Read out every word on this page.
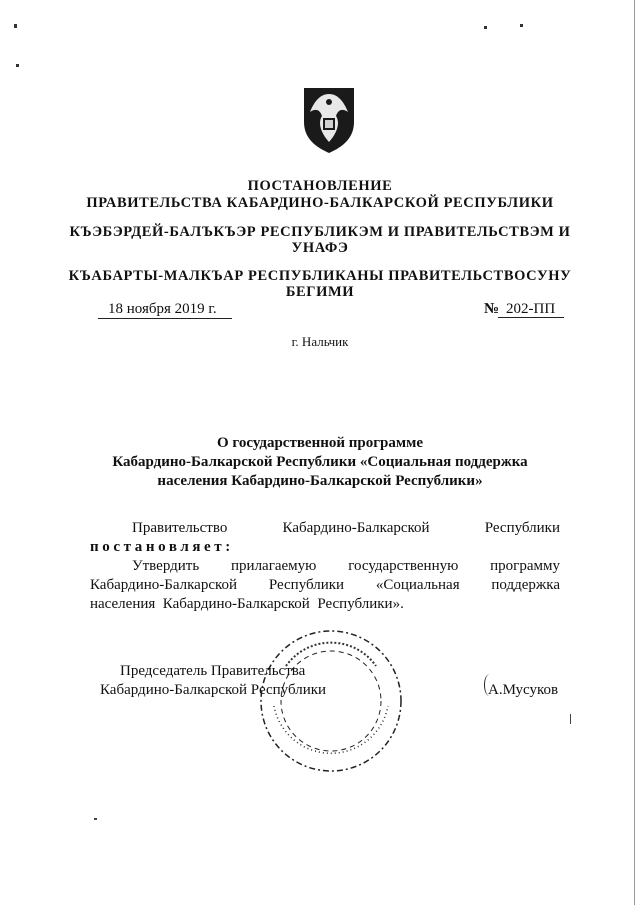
ПОСТАНОВЛЕНИЕ
ПРАВИТЕЛЬСТВА КАБАРДИНО-БАЛКАРСКОЙ РЕСПУБЛИКИ
КЪЭБЭРДЕЙ-БАЛЪКЪЭР РЕСПУБЛИКЭМ И ПРАВИТЕЛЬСТВЭМ И
УНАФЭ
КЪАБАРТЫ-МАЛКЪАР РЕСПУБЛИКАНЫ ПРАВИТЕЛЬСТВОСУНУ
БЕГИМИ
18 ноября 2019 г.	№ 202-ПП
г. Нальчик
О государственной программе
Кабардино-Балкарской Республики «Социальная поддержка
населения Кабардино-Балкарской Республики»
Правительство	Кабардино-Балкарской	Республики
постановляет:
Утвердить прилагаемую государственную программу
Кабардино-Балкарской Республики «Социальная поддержка
населения  Кабардино-Балкарской  Республики».
Председатель Правительства
Кабардино-Балкарской Республики	А.Мусуков
